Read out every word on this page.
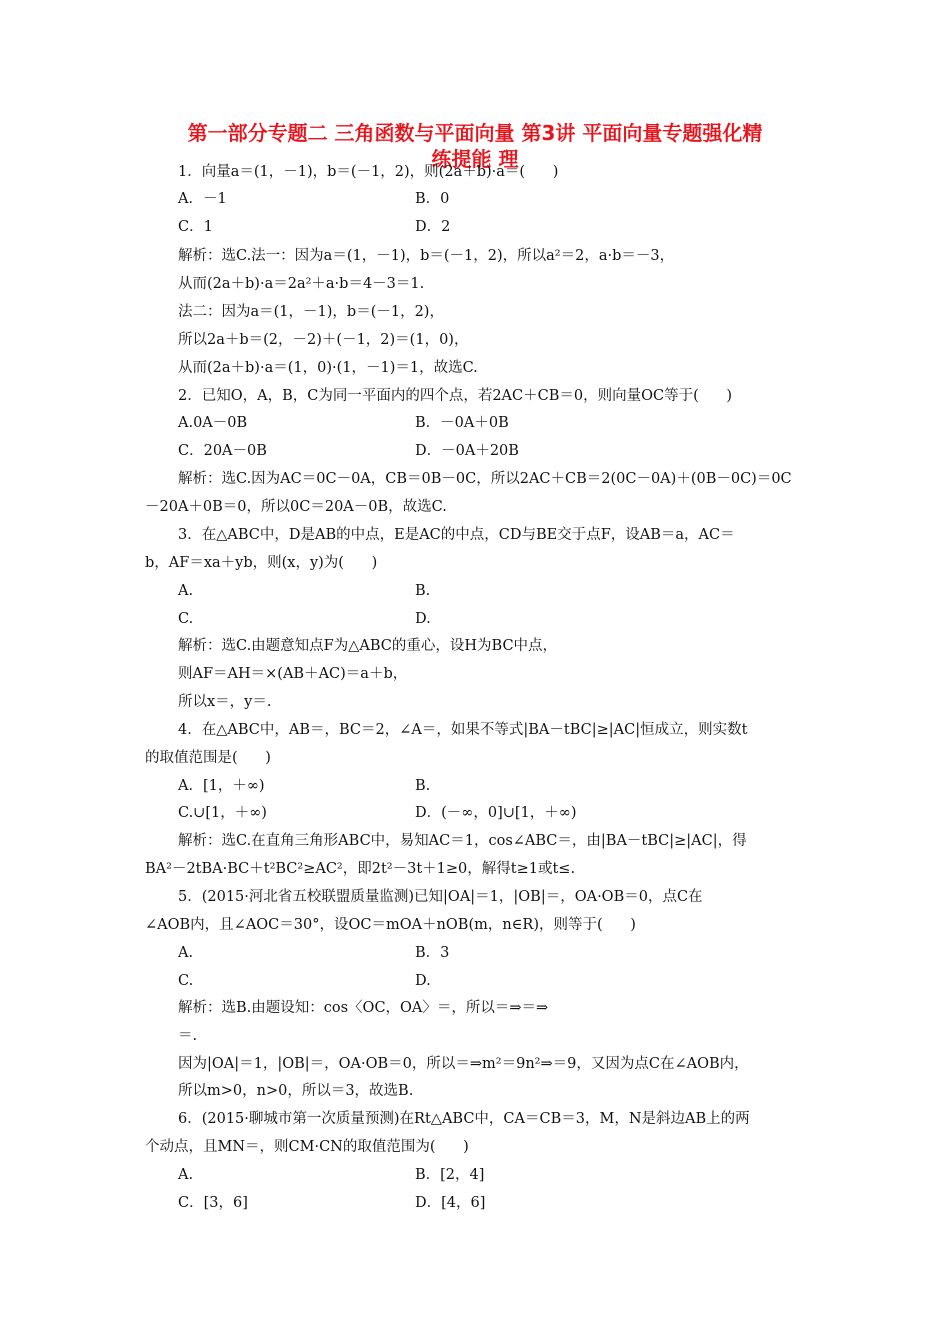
第一部分专题二 三角函数与平面向量 第3讲 平面向量专题强化精
练提能 理
1．向量a＝(1，－1)，b＝(－1，2)，则(2a＋b)·a＝(      )
A．－1	B．0
C．1	D．2
解析：选C.法一：因为a＝(1，－1)，b＝(－1，2)，所以a²＝2，a·b＝－3，
从而(2a＋b)·a＝2a²＋a·b＝4－3＝1.
法二：因为a＝(1，－1)，b＝(－1，2)，
所以2a＋b＝(2，－2)＋(－1，2)＝(1，0)，
从而(2a＋b)·a＝(1，0)·(1，－1)＝1，故选C.
2．已知O，A，B，C为同一平面内的四个点，若2AC＋CB＝0，则向量OC等于(      )
A.0A－0B	B．－0A＋0B
C．20A－0B	D．－0A＋20B
解析：选C.因为AC＝0C－0A，CB＝0B－0C，所以2AC＋CB＝2(0C－0A)＋(0B－0C)＝0C
－20A＋0B＝0，所以0C＝20A－0B，故选C.
3．在△ABC中，D是AB的中点，E是AC的中点，CD与BE交于点F，设AB＝a，AC＝
b，AF＝xa＋yb，则(x，y)为(      )
A.	B.
C.	D.
解析：选C.由题意知点F为△ABC的重心，设H为BC中点，
则AF＝AH＝×(AB＋AC)＝a＋b，
所以x＝，y＝.
4．在△ABC中，AB＝，BC＝2，∠A＝，如果不等式|BA－tBC|≥|AC|恒成立，则实数t
的取值范围是(      )
A．[1，＋∞)	B.
C.∪[1，＋∞)	D．(－∞，0]∪[1，＋∞)
解析：选C.在直角三角形ABC中，易知AC＝1，cos∠ABC＝，由|BA－tBC|≥|AC|，得
BA²－2tBA·BC＋t²BC²≥AC²，即2t²－3t＋1≥0，解得t≥1或t≤.
5．(2015·河北省五校联盟质量监测)已知|OA|＝1，|OB|＝，OA·OB＝0，点C在
∠AOB内，且∠AOC＝30°，设OC＝mOA＋nOB(m，n∈R)，则等于(      )
A.	B．3
C.	D.
解析：选B.由题设知：cos〈OC，OA〉＝，所以＝⇒＝⇒
＝.
因为|OA|＝1，|OB|＝，OA·OB＝0，所以＝⇒m²＝9n²⇒＝9，又因为点C在∠AOB内，
所以m>0，n>0，所以＝3，故选B.
6．(2015·聊城市第一次质量预测)在Rt△ABC中，CA＝CB＝3，M，N是斜边AB上的两
个动点，且MN＝，则CM·CN的取值范围为(      )
A.	B．[2，4]
C．[3，6]	D．[4，6]
